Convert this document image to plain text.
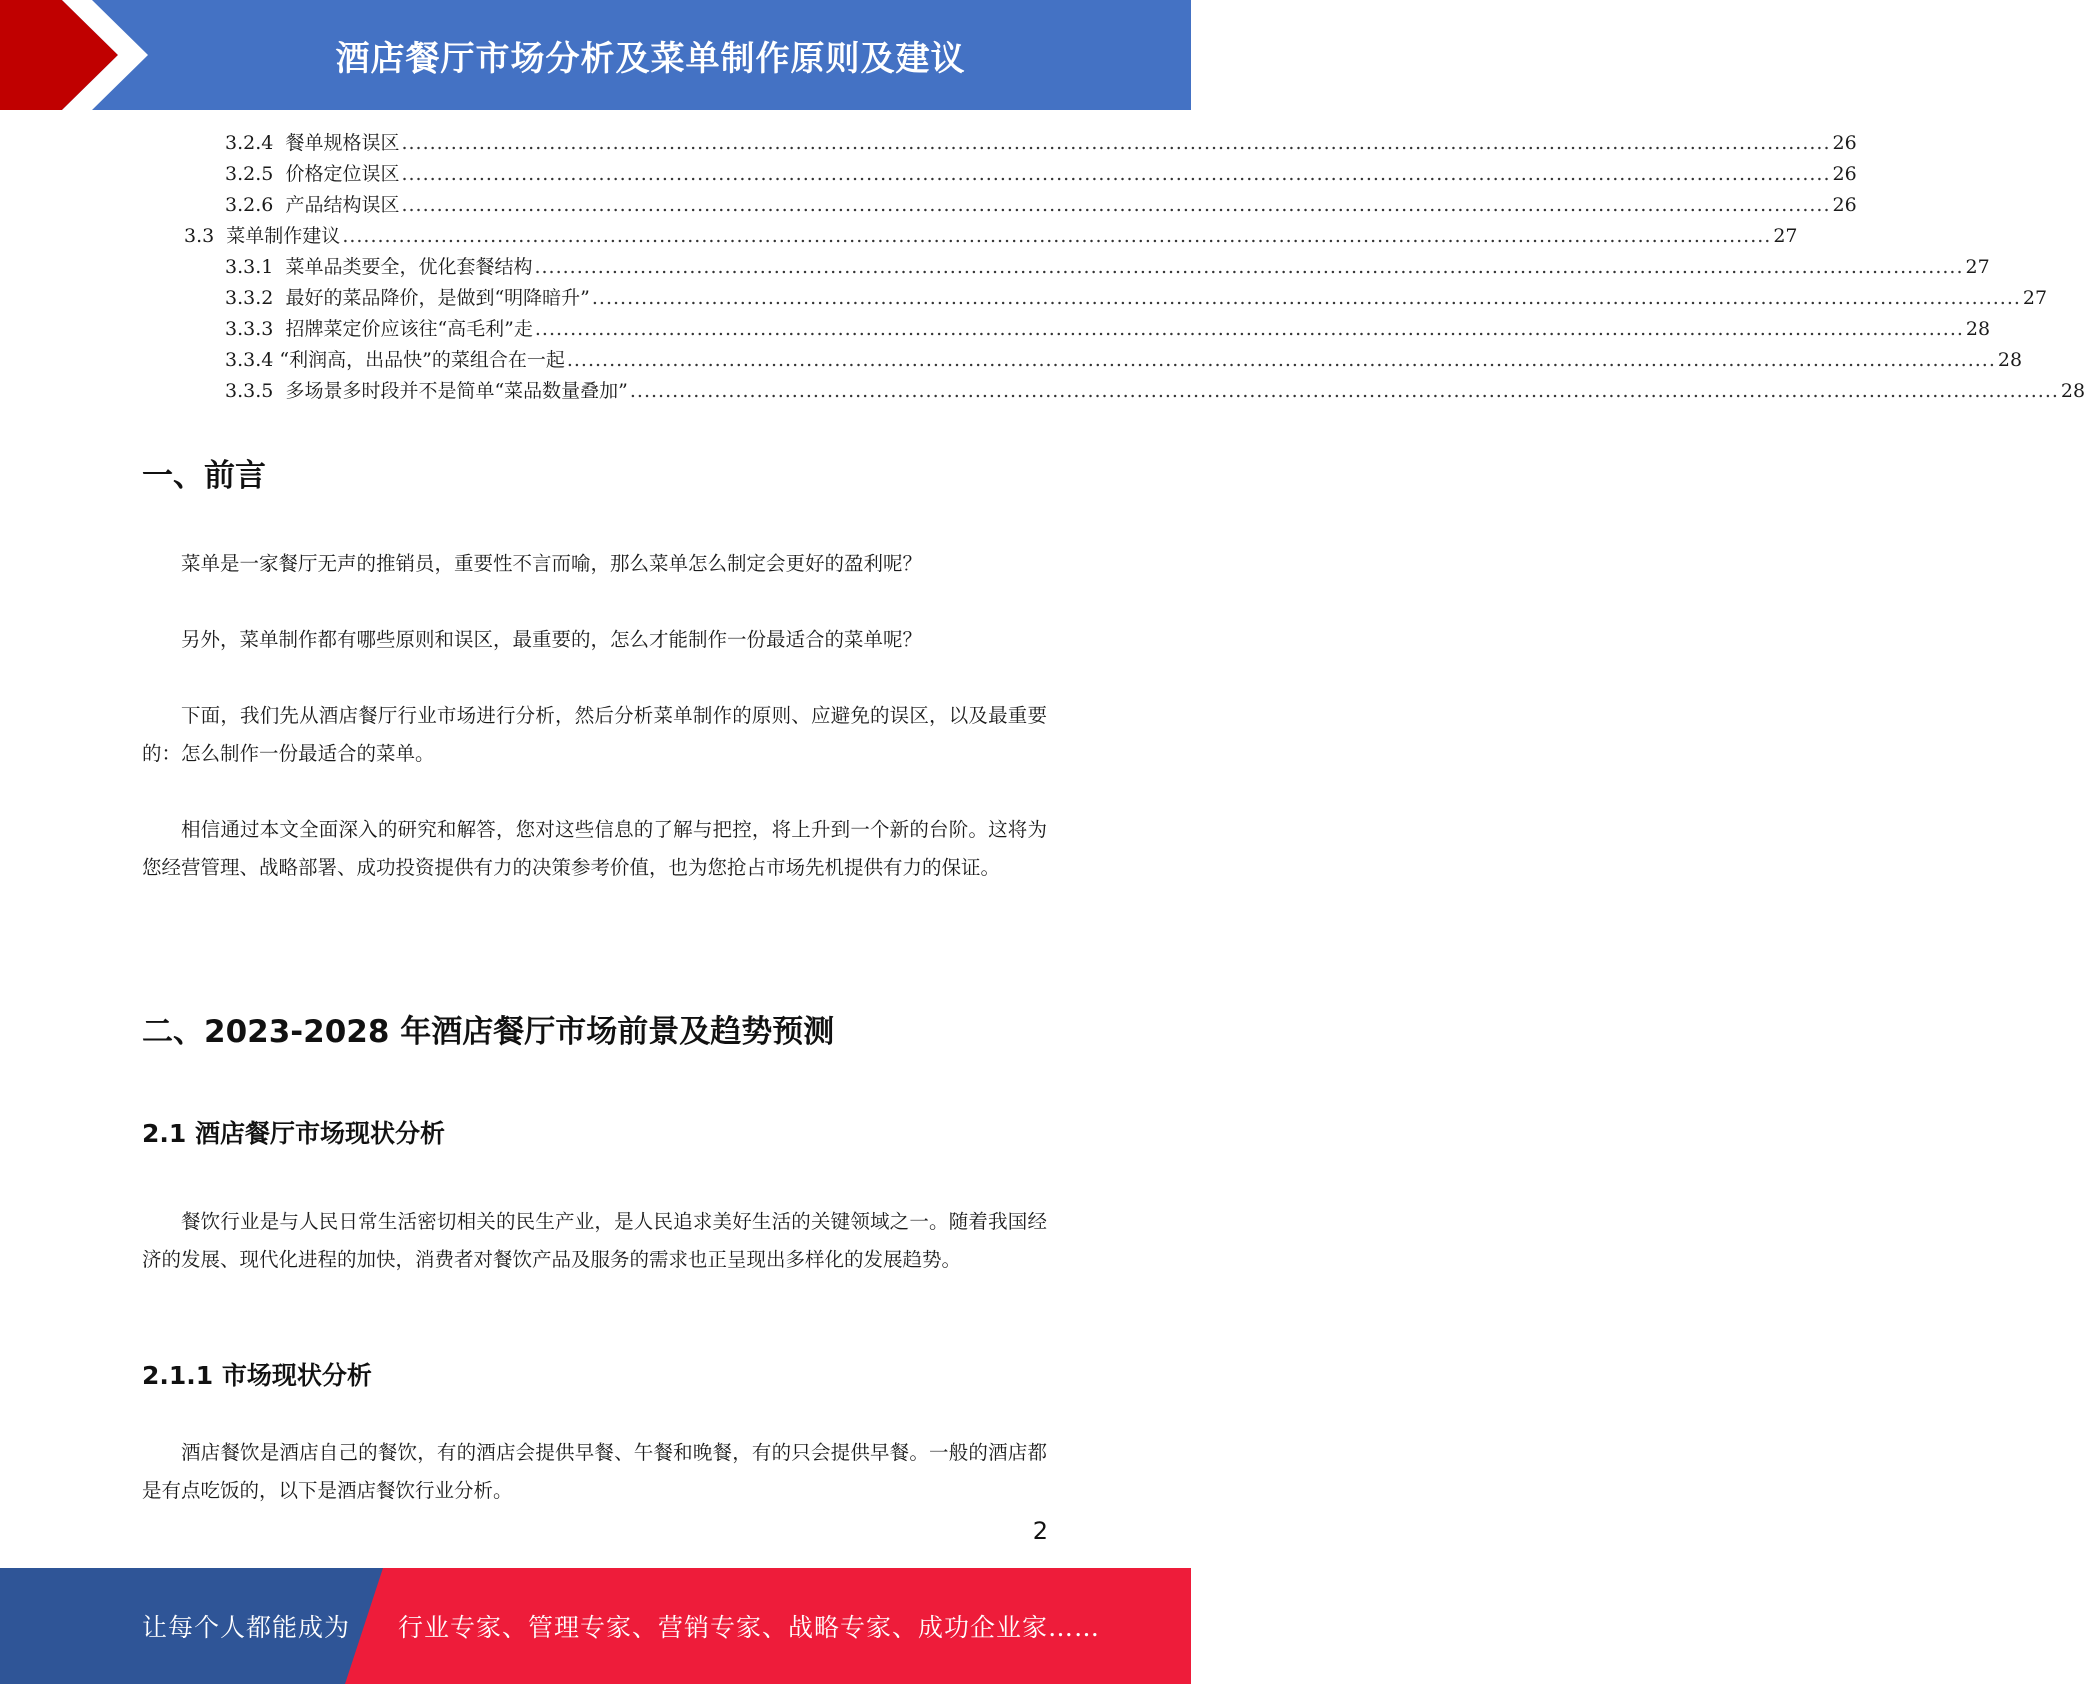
酒店餐厅市场分析及菜单制作原则及建议
3.2.4 餐单规格误区 ........................................................................................................................................................................................................... 26
3.2.5 价格定位误区 ........................................................................................................................................................................................................... 26
3.2.6 产品结构误区 ........................................................................................................................................................................................................... 26
3.3 菜单制作建议 ........................................................................................................................................................................................................... 27
3.3.1 菜单品类要全，优化套餐结构 ........................................................................................................................................................................................................... 27
3.3.2 最好的菜品降价，是做到“明降暗升” ........................................................................................................................................................................................................... 27
3.3.3 招牌菜定价应该往“高毛利”走 ........................................................................................................................................................................................................... 28
3.3.4 “利润高，出品快”的菜组合在一起 ........................................................................................................................................................................................................... 28
3.3.5 多场景多时段并不是简单“菜品数量叠加” ........................................................................................................................................................................................................... 28
一、前言

菜单是一家餐厅无声的推销员，重要性不言而喻，那么菜单怎么制定会更好的盈利呢？

另外，菜单制作都有哪些原则和误区，最重要的，怎么才能制作一份最适合的菜单呢？

下面，我们先从酒店餐厅行业市场进行分析，然后分析菜单制作的原则、应避免的误区，以及最重要的：怎么制作一份最适合的菜单。

相信通过本文全面深入的研究和解答，您对这些信息的了解与把控，将上升到一个新的台阶。这将为您经营管理、战略部署、成功投资提供有力的决策参考价值，也为您抢占市场先机提供有力的保证。

二、2023-2028 年酒店餐厅市场前景及趋势预测
2.1 酒店餐厅市场现状分析

餐饮行业是与人民日常生活密切相关的民生产业，是人民追求美好生活的关键领域之一。随着我国经济的发展、现代化进程的加快，消费者对餐饮产品及服务的需求也正呈现出多样化的发展趋势。

2.1.1 市场现状分析

酒店餐饮是酒店自己的餐饮，有的酒店会提供早餐、午餐和晚餐，有的只会提供早餐。一般的酒店都是有点吃饭的，以下是酒店餐饮行业分析。

2
让每个人都能成为 行业专家、管理专家、营销专家、战略专家、成功企业家……
